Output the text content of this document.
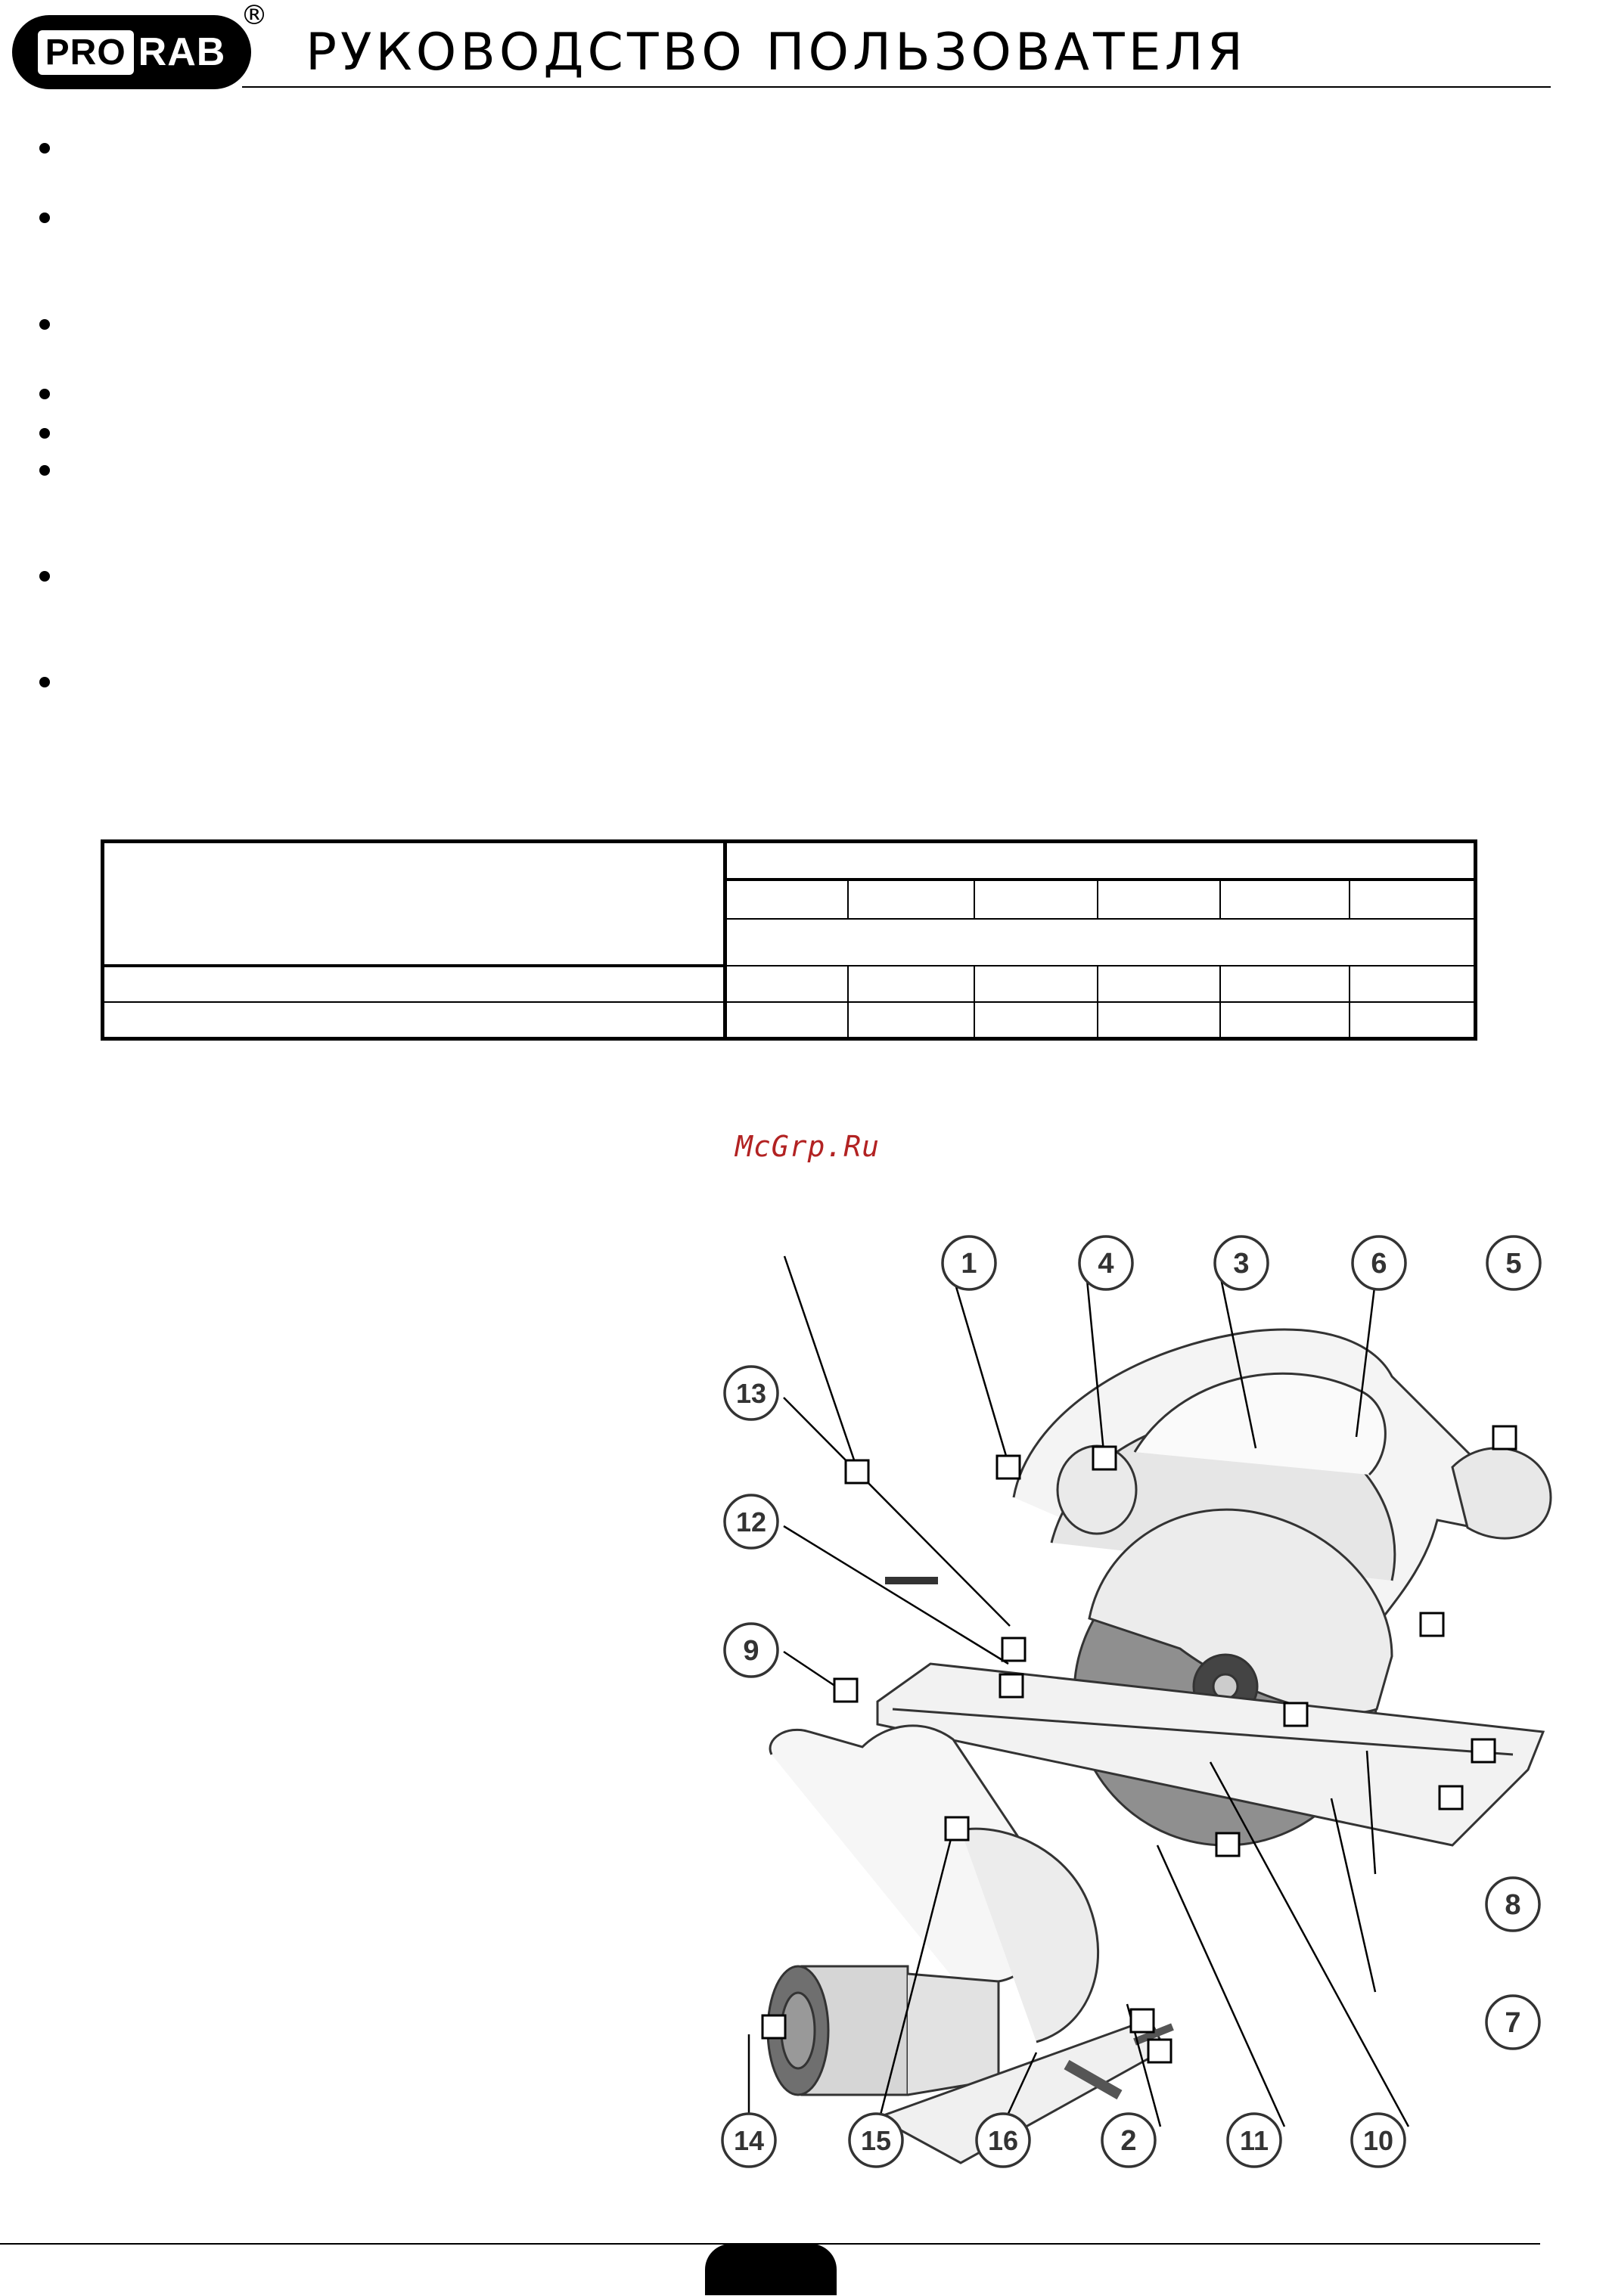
PRO RAB
®
РУКОВОДСТВО ПОЛЬЗОВАТЕЛЯ

McGrp.Ru
1	4	3	6	5
13
12
9
8
7
14	15	16	2	11	10
